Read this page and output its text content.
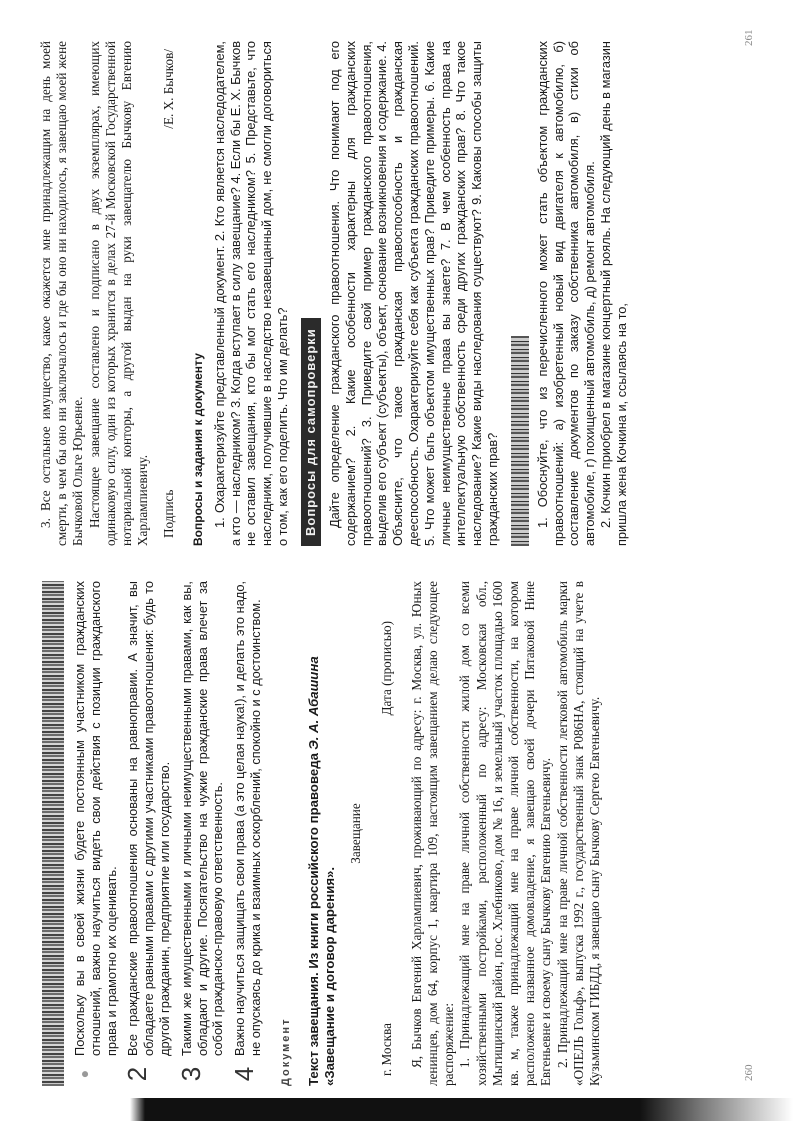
●

Поскольку вы в своей жизни будете постоянным участником гражданских отношений, важно научиться видеть свои действия с позиции гражданского права и грамотно их оценивать.

2

Все гражданские правоотношения основаны на равноправии. А значит, вы обладаете равными правами с другими участниками правоотношения: будь то другой гражданин, предприятие или государство.

3

Такими же имущественными и личными неимущественными правами, как вы, обладают и другие. Посягательство на чужие гражданские права влечет за собой гражданско-правовую ответственность.

4

Важно научиться защищать свои права (а это целая наука!), и делать это надо, не опускаясь до крика и взаимных оскорблений, спокойно и с достоинством. Документ Текст завещания. Из книги российского правоведа Э. А. Абашина «Завещание и договор дарения».
Завещание
г. Москва
Дата (прописью) Я, Бычков Евгений Харлампиевич, проживающий по адресу: г. Москва, ул. Юных ленинцев, дом 64, корпус 1, квартира 109, настоящим завещанием делаю следующее распоряжение: 1. Принадлежащий мне на праве личной собственности жилой дом со всеми хозяйственными постройками, расположенный по адресу: Московская обл., Мытищинский район, пос. Хлебниково, дом № 16, и земельный участок площадью 1600 кв. м, также принадлежащий мне на праве личной собственности, на котором расположено названное домовладение, я завещаю своей дочери Пятаковой Нине Евгеньевне и своему сыну Бычкову Евгению Евгеньевичу. 2. Принадлежащий мне на праве личной собственности легковой автомобиль марки «ОПЕЛЬ Гольф», выпуска 1992 г., государственный знак Р086НА, стоящий на учете в Кузьминском ГИБДД, я завещаю сыну Бычкову Сергею Евгеньевичу.

3. Все остальное имущество, какое окажется мне принадлежащим на день моей смерти, в чем бы оно ни заключалось и где бы оно ни находилось, я завещаю моей жене Бычковой Ольге Юрьевне. Настоящее завещание составлено и подписано в двух экземплярах, имеющих одинаковую силу, один из которых хранится в делах 27-й Московской Государственной нотариальной конторы, а другой выдан на руки завещателю Бычкову Евгению Харлампиевичу. Подпись
/Е. Х. Бычков/
Вопросы и задания к документу 1. Охарактеризуйте представленный документ. 2. Кто является наследодателем, а кто — наследником? 3. Когда вступает в силу завещание? 4. Если бы Е. Х. Бычков не оставил завещания, кто бы мог стать его наследником? 5. Представьте, что наследники, получившие в наследство незавещанный дом, не смогли договориться о том, как его поделить. Что им делать? Вопросы для самопроверки Дайте определение гражданского правоотношения. Что понимают под его содержанием? 2. Какие особенности характерны для гражданских правоотношений? 3. Приведите свой пример гражданского правоотношения, выделив его субъект (субъекты), объект, основание возникновения и содержание. 4. Объясните, что такое гражданская правоспособность и гражданская дееспособность. Охарактеризуйте себя как субъекта гражданских правоотношений. 5. Что может быть объектом имущественных прав? Приведите примеры. 6. Какие личные неимущественные права вы знаете? 7. В чем особенность права на интеллектуальную собственность среди других гражданских прав? 8. Что такое наследование? Какие виды наследования существуют? 9. Каковы способы защиты гражданских прав?	1. Обоснуйте, что из перечисленного может стать объектом гражданских правоотношений: а) изобретенный новый вид двигателя к автомобилю, б) составление документов по заказу собственника автомобиля, в) стихи об автомобиле, г) похищенный автомобиль, д) ремонт автомобиля. 2. Кочкин приобрел в магазине концертный рояль. На следующий день в магазин пришла жена Кочкина и, ссылаясь на то,

260
261
